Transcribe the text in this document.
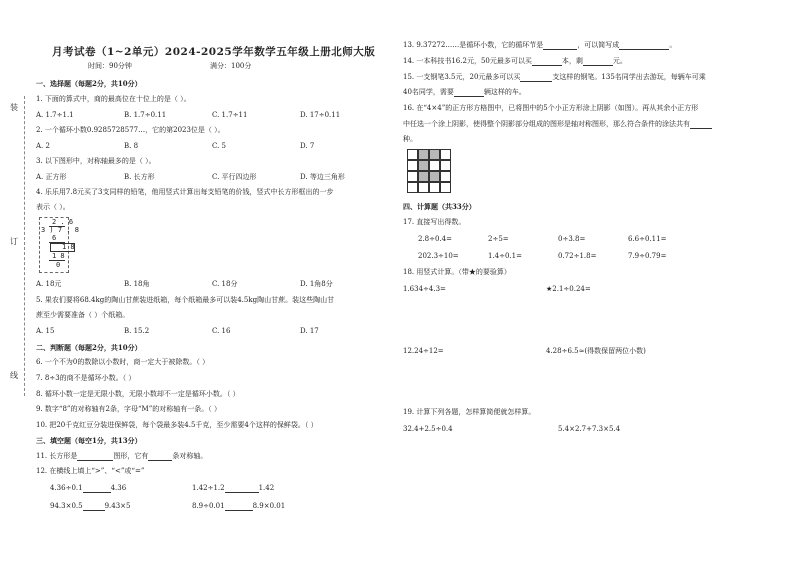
月考试卷（1~2单元）2024-2025学年数学五年级上册北师大版
时间：90分钟	满分：100分
装
订
线
一、选择题（每题2分，共10分）
1. 下面的算式中，商的最高位在十位上的是（ ）。
A. 1.7÷1.1	B. 1.7÷0.11	C. 1.7÷11	D. 17÷0.11
2. 一个循环小数0.9285728577…，它的第2023位是（ ）。
A. 2	B. 8	C. 5	D. 7
3. 以下图形中，对称轴最多的是（ ）。
A. 正方形	B. 长方形	C. 平行四边形	D. 等边三角形
4. 乐乐用7.8元买了3支同样的铅笔，他用竖式计算出每支铅笔的价钱，竖式中长方形框出的一步
表示（ ）。
2 . 6
3 ) 7 . 8
6
1 8
1 8
0
A. 18元	B. 18角	C. 18分	D. 1角8分
5. 果农们要将68.4kg的陶山甘蔗装进纸箱，每个纸箱最多可以装4.5kg陶山甘蔗。装这些陶山甘
蔗至少需要准备（ ）个纸箱。
A. 15	B. 15.2	C. 16	D. 17
二、判断题（每题2分，共10分）
6. 一个不为0的数除以小数时，商一定大于被除数。（ ）
7. 8÷3的商不是循环小数。（ ）
8. 循环小数一定是无限小数，无限小数却不一定是循环小数。（ ）
9. 数字“8”的对称轴有2条，字母“M”的对称轴有一条。（ ）
10. 把20千克红豆分装进保鲜袋，每个袋最多装4.5千克，至少需要4个这样的保鲜袋。（ ）
三、填空题（每空1分，共13分）
11. 长方形是	图形，它有	条对称轴。
12. 在横线上填上“>”、“<”或“=”
4.36÷0.1	4.36	1.42÷1.2	1.42
94.3×0.5	9.43×5	8.9÷0.01	8.9×0.01
13. 9.37272……是循环小数，它的循环节是	，可以简写成	。
14. 一本科技书16.2元，50元最多可以买	本，剩	元。
15. 一支钢笔3.5元，20元最多可以买	支这样的钢笔。135名同学出去游玩，每辆车可乘
40名同学，需要	辆这样的车。
16. 在“4×4”的正方形方格图中，已将图中的5个小正方形涂上阴影（如图）。再从其余小正方形
中任选一个涂上阴影，使得整个阴影部分组成的图形是轴对称图形，那么符合条件的涂法共有
种。
四、计算题（共33分）
17. 直接写出得数。
2.8÷0.4=	2÷5=	0÷3.8=	6.6÷0.11=
202.3÷10=	1.4÷0.1=	0.72÷1.8=	7.9÷0.79=
18. 用竖式计算。（带★的要验算）
1.634÷4.3=	★2.1÷0.24=
12.24÷12=	4.28÷6.5≈(得数保留两位小数)
19. 计算下列各题，怎样算简便就怎样算。
32.4+2.5÷0.4	5.4×2.7+7.3×5.4
